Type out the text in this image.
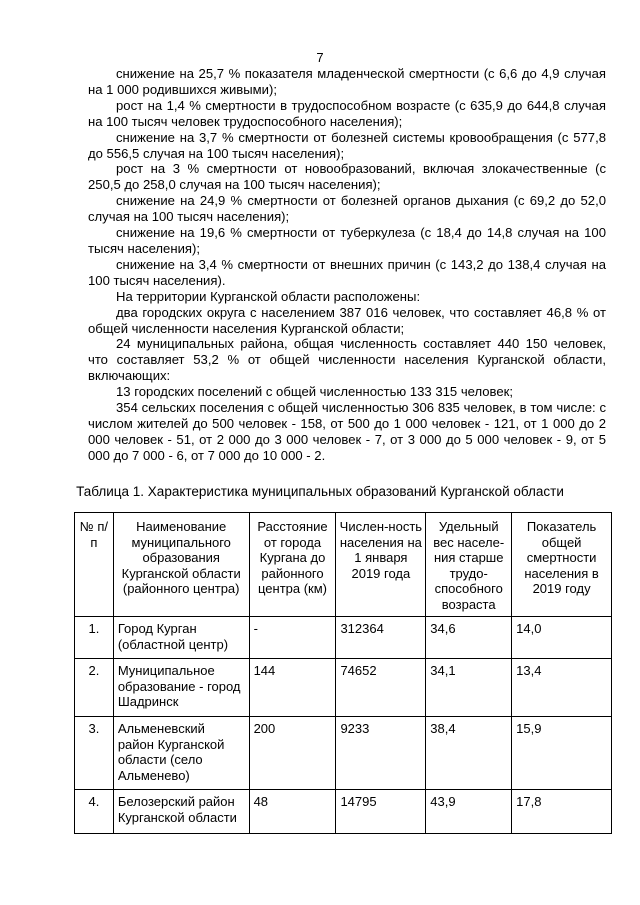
7

снижение на 25,7 % показателя младенческой смертности (с 6,6 до 4,9 случая на 1 000 родившихся живыми);

рост на 1,4 % смертности в трудоспособном возрасте (с 635,9 до 644,8 случая на 100 тысяч человек трудоспособного населения);

снижение на 3,7 % смертности от болезней системы кровообращения (с 577,8 до 556,5 случая на 100 тысяч населения);

рост на 3 % смертности от новообразований, включая злокачественные (с 250,5 до 258,0 случая на 100 тысяч населения);

снижение на 24,9 % смертности от болезней органов дыхания (с 69,2 до 52,0 случая на 100 тысяч населения);

снижение на 19,6 % смертности от туберкулеза (с 18,4 до 14,8 случая на 100 тысяч населения);

снижение на 3,4 % смертности от внешних причин (с 143,2 до 138,4 случая на 100 тысяч населения).

На территории Курганской области расположены:

два городских округа с населением 387 016 человек, что составляет 46,8 % от общей численности населения Курганской области;

24 муниципальных района, общая численность составляет 440 150 человек, что составляет 53,2 % от общей численности населения Курганской области, включающих:

13 городских поселений с общей численностью 133 315 человек;

354 сельских поселения с общей численностью 306 835 человек, в том числе: с числом жителей до 500 человек - 158, от 500 до 1 000 человек - 121, от 1 000 до 2 000 человек - 51, от 2 000 до 3 000 человек - 7, от 3 000 до 5 000 человек - 9, от 5 000 до 7 000 - 6, от 7 000 до 10 000 - 2.

Таблица 1. Характеристика муниципальных образований Курганской области
№ п/п	Наименование муниципального образования Курганской области (районного центра)	Расстояние от города Кургана до районного центра (км)	Числен-ность населения на 1 января 2019 года	Удельный вес населе-ния старше трудо-способного возраста	Показатель общей смертности населения в 2019 году
1.	Город Курган (областной центр)	-	312364	34,6	14,0
2.	Муниципальное образование - город Шадринск	144	74652	34,1	13,4
3.	Альменевский район Курганской области (село Альменево)	200	9233	38,4	15,9
4.	Белозерский район Курганской области	48	14795	43,9	17,8
